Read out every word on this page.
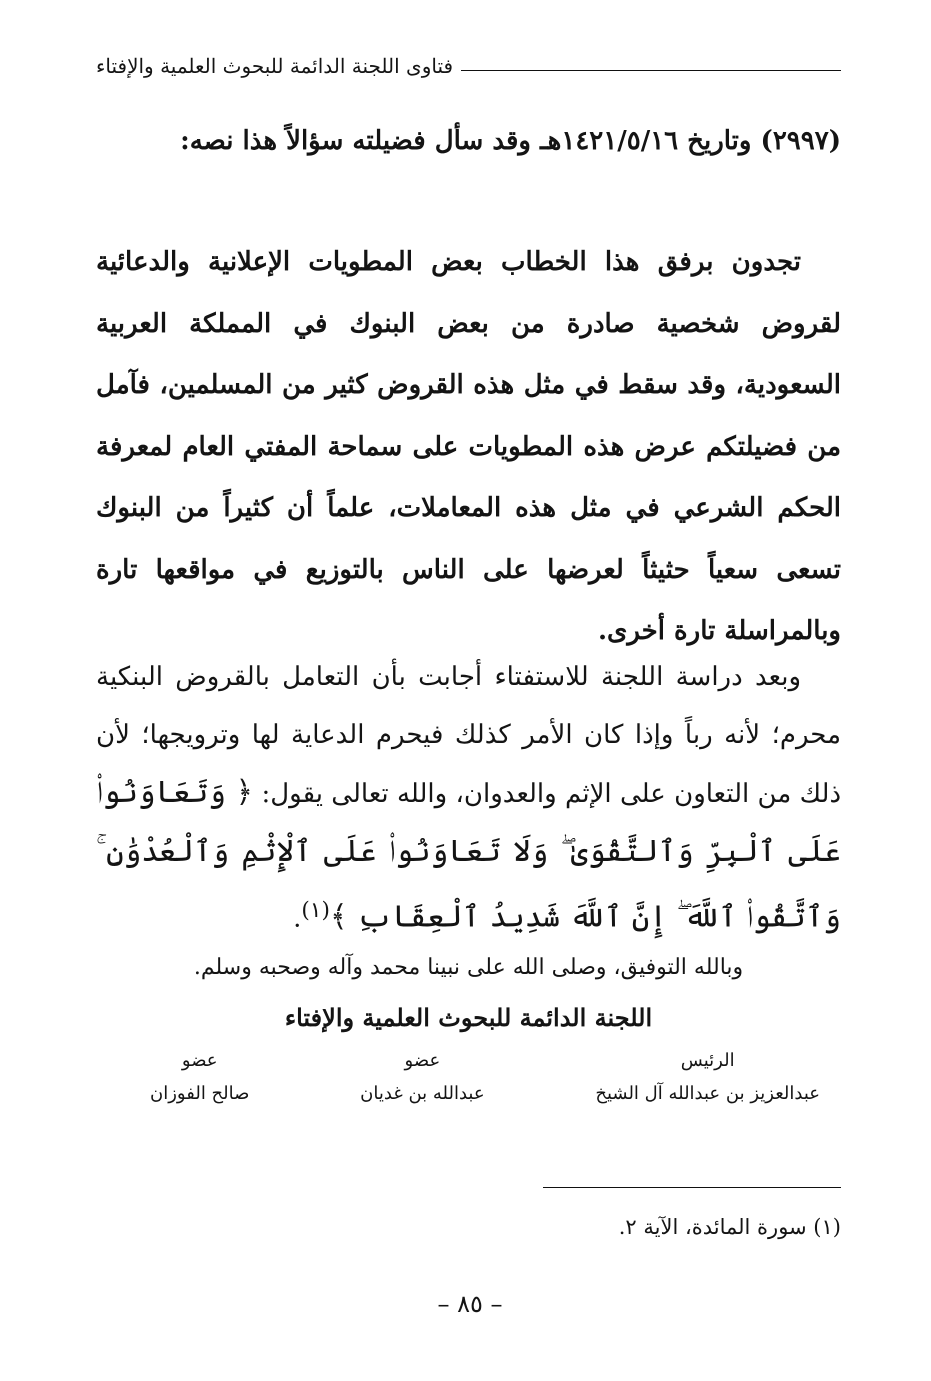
فتاوى اللجنة الدائمة للبحوث العلمية والإفتاء
(٢٩٩٧) وتاريخ ١٤٢١/٥/١٦هـ وقد سأل فضيلته سؤالاً هذا نصه:
تجدون برفق هذا الخطاب بعض المطويات الإعلانية والدعائية لقروض شخصية صادرة من بعض البنوك في المملكة العربية السعودية، وقد سقط في مثل هذه القروض كثير من المسلمين، فآمل من فضيلتكم عرض هذه المطويات على سماحة المفتي العام لمعرفة الحكم الشرعي في مثل هذه المعاملات، علماً أن كثيراً من البنوك تسعى سعياً حثيثاً لعرضها على الناس بالتوزيع في مواقعها تارة وبالمراسلة تارة أخرى.
وبعد دراسة اللجنة للاستفتاء أجابت بأن التعامل بالقروض البنكية محرم؛ لأنه رباً وإذا كان الأمر كذلك فيحرم الدعاية لها وترويجها؛ لأن ذلك من التعاون على الإثم والعدوان، والله تعالى يقول: ﴿ وَتَعَاوَنُوا۟ عَلَى ٱلْبِرِّ وَٱلتَّقْوَىٰ ۖ وَلَا تَعَاوَنُوا۟ عَلَى ٱلْإِثْمِ وَٱلْعُدْوَٰنِ ۚ وَٱتَّقُوا۟ ٱللَّهَ ۖ إِنَّ ٱللَّهَ شَدِيدُ ٱلْعِقَابِ ﴾$^{(١)}$.
وبالله التوفيق، وصلى الله على نبينا محمد وآله وصحبه وسلم.
اللجنة الدائمة للبحوث العلمية والإفتاء
عضو
صالح الفوزان
عضو
عبدالله بن غديان
الرئيس
عبدالعزيز بن عبدالله آل الشيخ
(١) سورة المائدة، الآية ٢.
– ٨٥ –
